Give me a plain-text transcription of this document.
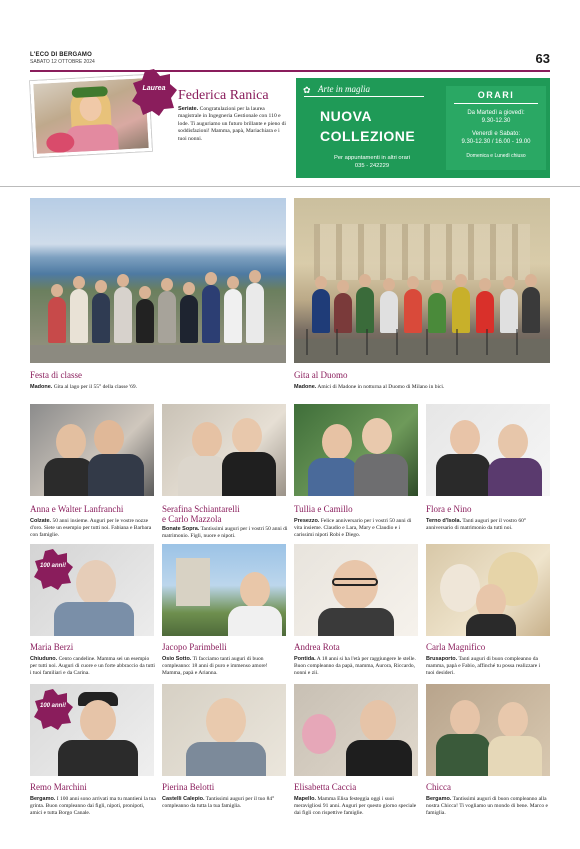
L'ECO DI BERGAMO
SABATO 12 OTTOBRE 2024	63
Laurea Federica Ranica
Seriate. Congratulazioni per la laurea magistrale in Ingegneria Gestionale con 110 e lode. Ti auguriamo un futuro brillante e pieno di soddisfazioni! Mamma, papà, Mariachiara e i tuoi nonni.
✿ Arte in maglia
NUOVA
COLLEZIONE
Per appuntamenti in altri orari
035 - 242229
ORARI
Da Martedì a giovedì:
9.30-12.30
Venerdì e Sabato:
9.30-12.30 / 16.00 - 19.00
Domenica e Lunedì chiuso
Festa di classe
Madone. Gita al lago per il 55° della classe '69.
Gita al Duomo
Madone. Amici di Madone in notturna al Duomo di Milano in bici.
100 anni!
100 anni!
Anna e Walter Lanfranchi
Colzate. 50 anni insieme. Auguri per le vostre nozze d'oro. Siete un esempio per tutti noi. Fabiana e Barbara con famiglie.
Serafina Schiantarelli
e Carlo Mazzola
Bonate Sopra. Tantissimi auguri per i vostri 50 anni di matrimonio. Figli, nuore e nipoti.
Tullia e Camillo
Presezzo. Felice anniversario per i vostri 50 anni di vita insieme. Claudio e Lara, Mary e Claudio e i carissimi nipoti Robi e Diego.
Flora e Nino
Terno d'Isola. Tanti auguri per il vostro 60° anniversario di matrimonio da tutti noi.
Maria Berzi
Chiuduno. Cento candeline. Mamma sei un esempio per tutti noi. Auguri di cuore e un forte abbraccio da tutti i tuoi familiari e da Carina.
Jacopo Parimbelli
Osio Sotto. Ti facciamo tanti auguri di buon compleanno: 18 anni di puro e immenso amore! Mamma, papà e Arianna.
Andrea Rota
Pontida. A 18 anni si ha l'età per raggiungere le stelle. Buon compleanno da papà, mamma, Aurora, Riccardo, nonni e zii.
Carla Magnifico
Brusaporto. Tanti auguri di buon compleanno da mamma, papà e Fabio, affinché tu possa realizzare i tuoi desideri.
Remo Marchini
Bergamo. I 100 anni sono arrivati ma tu mantieni la tua grinta. Buon compleanno dai figli, nipoti, pronipoti, amici e tutta Borgo Canale.
Pierina Belotti
Castelli Calepio. Tantissimi auguri per il tuo 84° compleanno da tutta la tua famiglia.
Elisabetta Caccia
Mapello. Mamma Elisa festeggia oggi i suoi meravigliosi 91 anni. Auguri per questo giorno speciale dai figli con rispettive famiglie.
Chicca
Bergamo. Tantissimi auguri di buon compleanno alla nostra Chicca! Ti vogliamo un mondo di bene. Marco e famiglia.
